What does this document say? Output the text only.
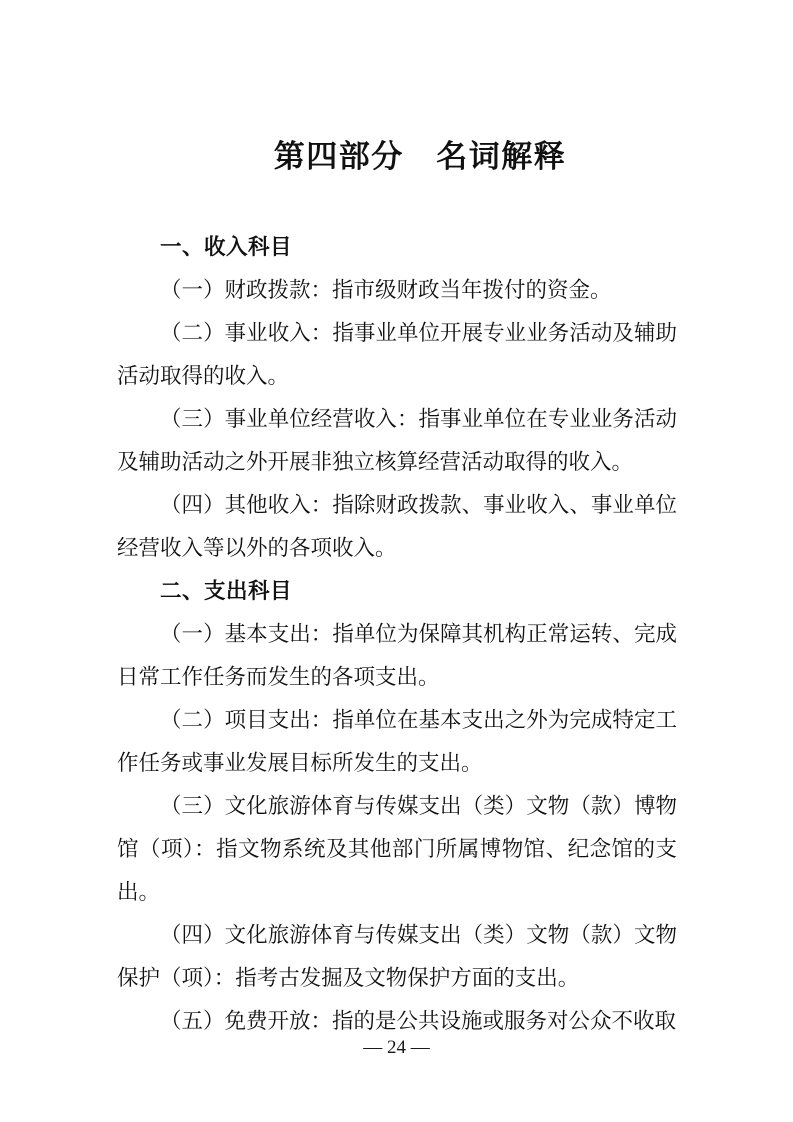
第四部分　名词解释
一、收入科目

（一）财政拨款：指市级财政当年拨付的资金。

（二）事业收入：指事业单位开展专业业务活动及辅助活动取得的收入。

（三）事业单位经营收入：指事业单位在专业业务活动及辅助活动之外开展非独立核算经营活动取得的收入。

（四）其他收入：指除财政拨款、事业收入、事业单位经营收入等以外的各项收入。

二、支出科目

（一）基本支出：指单位为保障其机构正常运转、完成日常工作任务而发生的各项支出。

（二）项目支出：指单位在基本支出之外为完成特定工作任务或事业发展目标所发生的支出。

（三）文化旅游体育与传媒支出（类）文物（款）博物馆（项）：指文物系统及其他部门所属博物馆、纪念馆的支出。

（四）文化旅游体育与传媒支出（类）文物（款）文物保护（项）：指考古发掘及文物保护方面的支出。

（五）免费开放：指的是公共设施或服务对公众不收取

— 24 —
